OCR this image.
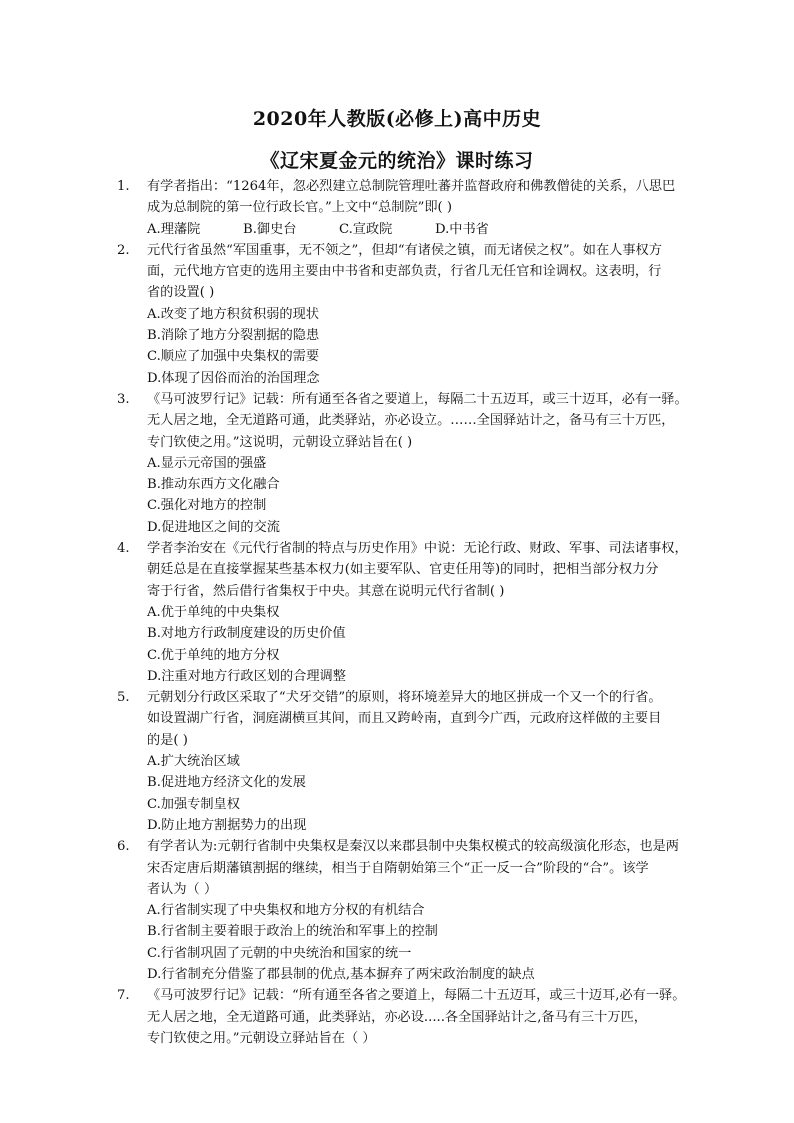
2020年人教版(必修上)高中历史
《辽宋夏金元的统治》课时练习
1. 有学者指出：“1264年，忽必烈建立总制院管理吐蕃并监督政府和佛教僧徒的关系，八思巴
成为总制院的第一位行政长官。”上文中“总制院”即( )
A.理藩院	B.御史台	C.宣政院	D.中书省
2. 元代行省虽然“军国重事，无不领之”，但却“有诸侯之镇，而无诸侯之权”。如在人事权方
面，元代地方官吏的选用主要由中书省和吏部负责，行省几无任官和诠调权。这表明，行
省的设置( )
A.改变了地方积贫积弱的现状
B.消除了地方分裂割据的隐患
C.顺应了加强中央集权的需要
D.体现了因俗而治的治国理念
3. 《马可波罗行记》记载：所有通至各省之要道上，每隔二十五迈耳，或三十迈耳，必有一驿。
无人居之地，全无道路可通，此类驿站，亦必设立。……全国驿站计之，备马有三十万匹，
专门钦使之用。”这说明，元朝设立驿站旨在( )
A.显示元帝国的强盛
B.推动东西方文化融合
C.强化对地方的控制
D.促进地区之间的交流
4. 学者李治安在《元代行省制的特点与历史作用》中说：无论行政、财政、军事、司法诸事权，
朝廷总是在直接掌握某些基本权力(如主要军队、官吏任用等)的同时，把相当部分权力分
寄于行省，然后借行省集权于中央。其意在说明元代行省制( )
A.优于单纯的中央集权
B.对地方行政制度建设的历史价值
C.优于单纯的地方分权
D.注重对地方行政区划的合理调整
5. 元朝划分行政区采取了“犬牙交错”的原则，将环境差异大的地区拼成一个又一个的行省。
如设置湖广行省，洞庭湖横亘其间，而且又跨岭南，直到今广西，元政府这样做的主要目
的是( )
A.扩大统治区域
B.促进地方经济文化的发展
C.加强专制皇权
D.防止地方割据势力的出现
6. 有学者认为:元朝行省制中央集权是秦汉以来郡县制中央集权模式的较高级演化形态，也是两
宋否定唐后期藩镇割据的继续，相当于自隋朝始第三个“正一反一合”阶段的“合”。该学
者认为（ ）
A.行省制实现了中央集权和地方分权的有机结合
B.行省制主要着眼于政治上的统治和军事上的控制
C.行省制巩固了元朝的中央统治和国家的统一
D.行省制充分借鉴了郡县制的优点,基本摒弃了两宋政治制度的缺点
7. 《马可波罗行记》记载：“所有通至各省之要道上，每隔二十五迈耳，或三十迈耳,必有一驿。
无人居之地，全无道路可通，此类驿站，亦必设.....各全国驿站计之,备马有三十万匹，
专门钦使之用。”元朝设立驿站旨在（ ）
